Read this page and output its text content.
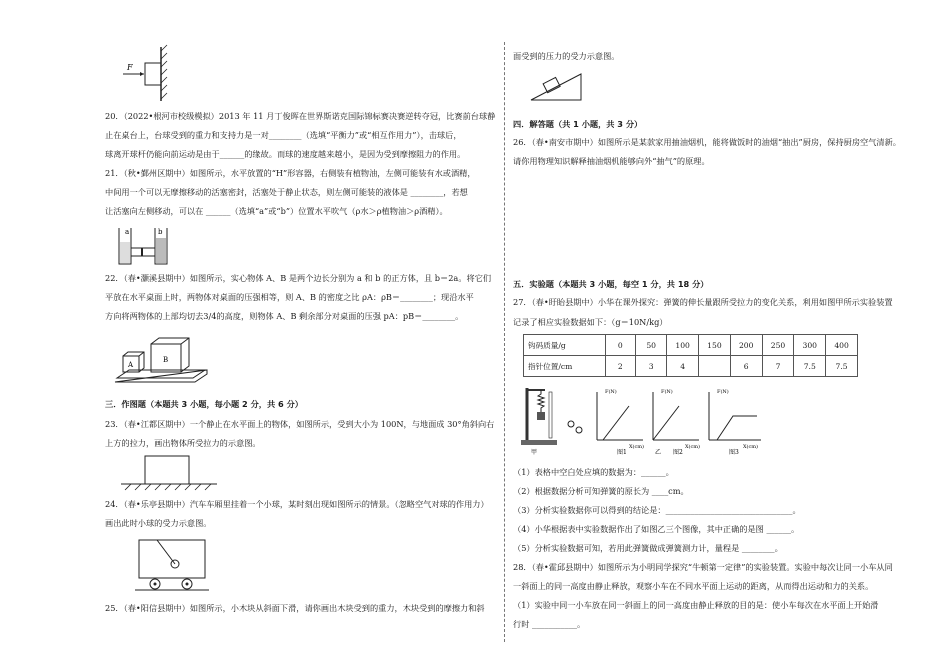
F
20．（2022•根河市校级模拟）2013 年 11 月丁俊晖在世界斯诺克国际锦标赛决赛逆转夺冠，比赛前台球静
止在桌台上，台球受到的重力和支持力是一对________（选填“平衡力”或“相互作用力”），击球后，
球离开球杆仍能向前运动是由于______的缘故。而球的速度越来越小，是因为受到摩擦阻力的作用。
21．（秋•鄞州区期中）如图所示，水平放置的“H”形容器，右侧装有植物油，左侧可能装有水或酒精，
中间用一个可以无摩擦移动的活塞密封，活塞处于静止状态，则左侧可能装的液体是 ________，若想
让活塞向左侧移动，可以在 ______（选填“a”或“b”）位置水平吹气（ρ水＞ρ植物油＞ρ酒精）。
a	b
22．（春•灏溪县期中）如图所示，实心物体 A、B 是两个边长分别为 a 和 b 的正方体，且 b＝2a。将它们
平放在水平桌面上时，两物体对桌面的压强相等，则 A、B 的密度之比 ρA：ρB＝________；现沿水平
方向将两物体的上部均切去3/4的高度，则物体 A、B 剩余部分对桌面的压强 pA：pB＝________。
A
B
三．作图题（本题共 3 小题，每小题 2 分，共 6 分）
23．（春•江都区期中）一个静止在水平面上的物体，如图所示，受到大小为 100N，与地面成 30°角斜向右
上方的拉力，画出物体所受拉力的示意图。
24．（春•乐亭县期中）汽车车厢里挂着一个小球，某时刻出现如图所示的情景。（忽略空气对球的作用力）
画出此时小球的受力示意图。
25．（春•阳信县期中）如图所示，小木块从斜面下滑，请你画出木块受到的重力，木块受到的摩擦力和斜
面受到的压力的受力示意图。
四．解答题（共 1 小题，共 3 分）
26．（春•南安市期中）如图所示是某款家用抽油烟机，能将做饭时的油烟“抽出”厨房，保持厨房空气清新。
请你用物理知识解释抽油烟机能够向外“抽气”的原理。
五．实验题（本题共 3 小题，每空 1 分，共 18 分）
27．（春•盱眙县期中）小华在课外探究：弹簧的伸长量跟所受拉力的变化关系，利用如图甲所示实验装置
记录了相应实验数据如下：（g＝10N/kg）
钩码质量/g	0	50	100	150	200	250	300	400
指针位置/cm	2	3	4		6	7	7.5	7.5
甲
F(N)
X(cm)
图1
F(N)
X(cm)
图2
乙
F(N)
X(cm)
图3
（1）表格中空白处应填的数据为：______。
（2）根据数据分析可知弹簧的原长为 ____cm。
（3）分析实验数据你可以得到的结论是：_______________________________。
（4）小华根据表中实验数据作出了如图乙三个图像，其中正确的是图 ______。
（5）分析实验数据可知，若用此弹簧做成弹簧测力计，量程是 ________。
28．（春•霍邱县期中）如图所示为小明同学探究“牛顿第一定律”的实验装置。实验中每次让同一小车从同
一斜面上的同一高度由静止释放，观察小车在不同水平面上运动的距离，从而得出运动和力的关系。
（1）实验中同一小车放在同一斜面上的同一高度由静止释放的目的是：使小车每次在水平面上开始滑
行时 ___________。
